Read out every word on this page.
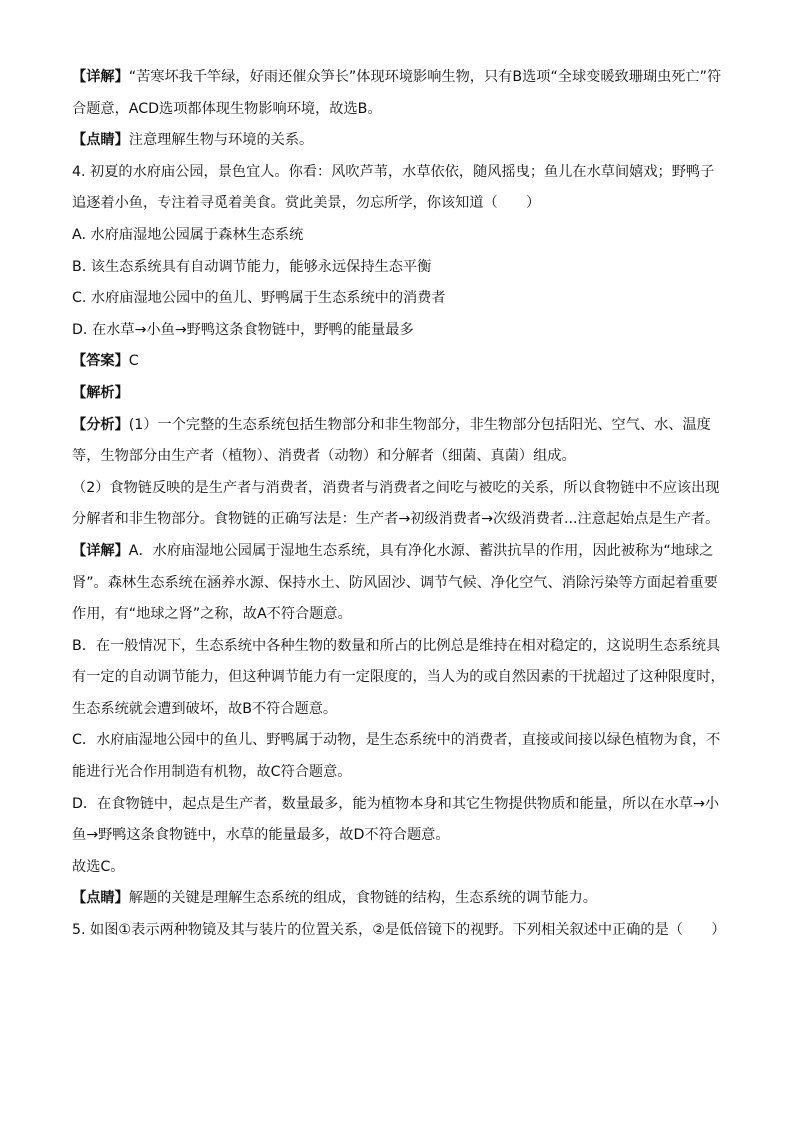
【详解】“苦寒坏我千竿绿，好雨还催众笋长”体现环境影响生物，只有B选项“全球变暖致珊瑚虫死亡”符合题意，ACD选项都体现生物影响环境，故选B。

【点睛】注意理解生物与环境的关系。

4. 初夏的水府庙公园，景色宜人。你看：风吹芦苇，水草依依，随风摇曳；鱼儿在水草间嬉戏；野鸭子追逐着小鱼，专注着寻觅着美食。赏此美景，勿忘所学，你该知道（　　）

A. 水府庙湿地公园属于森林生态系统

B. 该生态系统具有自动调节能力，能够永远保持生态平衡

C. 水府庙湿地公园中的鱼儿、野鸭属于生态系统中的消费者

D. 在水草→小鱼→野鸭这条食物链中，野鸭的能量最多

【答案】C

【解析】

【分析】(1）一个完整的生态系统包括生物部分和非生物部分，非生物部分包括阳光、空气、水、温度等，生物部分由生产者（植物）、消费者（动物）和分解者（细菌、真菌）组成。

（2）食物链反映的是生产者与消费者，消费者与消费者之间吃与被吃的关系，所以食物链中不应该出现分解者和非生物部分。食物链的正确写法是：生产者→初级消费者→次级消费者...注意起始点是生产者。

【详解】A．水府庙湿地公园属于湿地生态系统，具有净化水源、蓄洪抗旱的作用，因此被称为“地球之肾”。森林生态系统在涵养水源、保持水土、防风固沙、调节气候、净化空气、消除污染等方面起着重要作用，有“地球之肾”之称，故A不符合题意。

B．在一般情况下，生态系统中各种生物的数量和所占的比例总是维持在相对稳定的，这说明生态系统具有一定的自动调节能力，但这种调节能力有一定限度的，当人为的或自然因素的干扰超过了这种限度时，生态系统就会遭到破坏，故B不符合题意。

C．水府庙湿地公园中的鱼儿、野鸭属于动物，是生态系统中的消费者，直接或间接以绿色植物为食，不能进行光合作用制造有机物，故C符合题意。

D．在食物链中，起点是生产者，数量最多，能为植物本身和其它生物提供物质和能量，所以在水草→小鱼→野鸭这条食物链中，水草的能量最多，故D不符合题意。

故选C。

【点睛】解题的关键是理解生态系统的组成，食物链的结构，生态系统的调节能力。

5. 如图①表示两种物镜及其与装片的位置关系，②是低倍镜下的视野。下列相关叙述中正确的是（　　）
